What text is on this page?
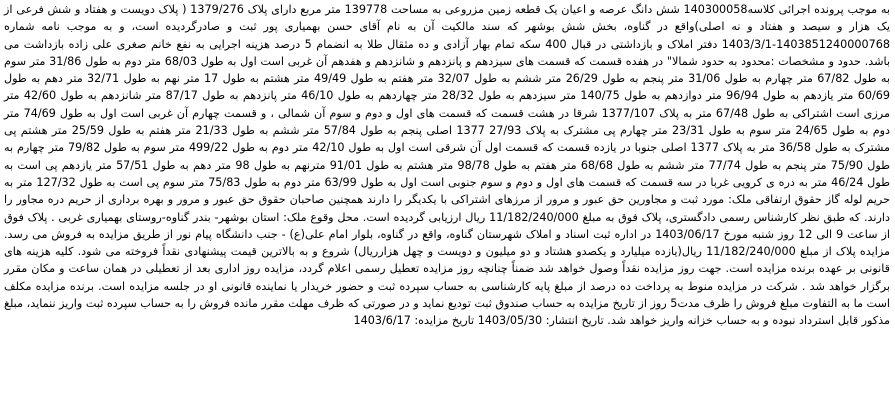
به موجب پرونده اجرائی کلاسه140300058 شش دانگ عرصه و اعیان یک قطعه زمین مزروعی به مساحت 139778 متر مربع دارای پلاک 1379/276 ( پلاک دویست و هفتاد و شش فرعی از یک هزار و سیصد و هفتاد و نه اصلی)واقع در گناوه، بخش شش بوشهر که سند مالکیت آن به نام آقای حسن بهمیاری پور ثبت و صادرگردیده است، و به موجب نامه شماره 1403851240000768-1403/3/1 دفتر املاک و بازداشتی در قبال 400 سکه تمام بهار آزادی و ده مثقال طلا به انضمام 5 درصد هزینه اجرایی به نفع خانم صغری علی زاده بازداشت می باشد. حدود و مشخصات :محدود به حدود شمالا" در هفده قسمت که قسمت های سیزدهم و پانزدهم و شانزدهم و هفدهم آن غربی است اول به طول 68/03 متر دوم به طول 31/86 متر سوم به طول 67/82 متر چهارم به طول 31/06 متر پنجم به طول 26/29 متر ششم به طول 32/07 متر هفتم به طول 49/49 متر هشتم به طول 17 متر نهم به طول 32/71 متر دهم به طول 60/69 متر یازدهم به طول 96/94 متر دوازدهم به طول 140/75 متر سیزدهم به طول 28/32 متر چهاردهم به طول 46/10 متر پانزدهم به طول 87/17 متر شانزدهم به طول 42/60 متر مرزی است اشتراکی به طول 67/48 متر به پلاک 1377/107 شرقا در هشت قسمت که قسمت های اول و دوم و سوم آن شمالی ، و قسمت چهارم آن غربی است اول به طول 74/69 متر دوم به طول 24/65 متر سوم به طول 23/31 متر چهارم پی مشترک به پلاک 27/93 1377 اصلی پنجم به طول 57/84 متر ششم به طول 21/33 متر هفتم به طول 25/59 متر هشتم پی مشترک به طول 36/58 متر به پلاک 1377 اصلی جنوبا در یازده قسمت که قسمت اول آن شرقی است اول به طول 42/10 متر دوم به طول 499/22 متر سوم به طول 79/82 متر چهارم به طول 75/90 متر پنجم به طول 77/74 متر ششم به طول 68/68 متر هفتم به طول 98/78 متر هشتم به طول 91/01 مترنهم به طول 98 متر دهم به طول 57/51 متر یازدهم پی است به طول 46/24 متر به دره ی کرویی غربا در سه قسمت که قسمت های اول و دوم و سوم جنوبی است اول به طول 63/99 متر دوم به طول 75/83 متر سوم پی است به طول 127/32 متر به حریم لوله گاز حقوق ارتفاقی ملک: مورد ثبت و مجاورین حق عبور و مرور از مرزهای اشتراکی با یکدیگر را دارند همچنین صاحبان حقوق حق عبور و مرور و بهره برداری از حریم دره مجاور را دارند. که طبق نظر کارشناس رسمی دادگستری، پلاک فوق به مبلغ 11/182/240/000 ریال ارزیابی گردیده است. محل وقوع ملک: استان بوشهر- بندر گناوه-روستای بهمیاری غربی . پلاک فوق از ساعت 9 الی 12 روز شنبه مورخ 1403/06/17 در اداره ثبت اسناد و املاک شهرستان گناوه، واقع در گناوه، بلوار امام علی(ع) - جنب دانشگاه پیام نور از طریق مزایده به فروش می رسد. مزایده پلاک از مبلغ 11/182/240/000 ریال(یازده میلیارد و یکصدو هشتاد و دو میلیون و دویست و چهل هزارریال) شروع و به بالاترین قیمت پیشنهادی نقداً فروخته می شود. کلیه هزینه های قانونی بر عهده برنده مزایده است. جهت روز مزایده نقداً وصول خواهد شد ضمناً چنانچه روز مزایده تعطیل رسمی اعلام گردد، مزایده روز اداری بعد از تعطیلی در همان ساعت و مکان مقرر برگزار خواهد شد . شرکت در مزایده منوط به پرداخت ده درصد از مبلغ پایه کارشناسی به حساب سپرده ثبت و حضور خریدار یا نماینده قانونی او در جلسه مزایده است. برنده مزایده مکلف است ما به التفاوت مبلغ فروش را ظرف مدت5 روز از تاریخ مزایده به حساب صندوق ثبت تودیع نماید و در صورتی که ظرف مهلت مقرر مانده فروش را به حساب سپرده ثبت واریز ننماید، مبلغ مذکور قابل استرداد نبوده و به حساب خزانه واریز خواهد شد. تاریخ انتشار: 1403/05/30 تاریخ مزایده: 1403/6/17
